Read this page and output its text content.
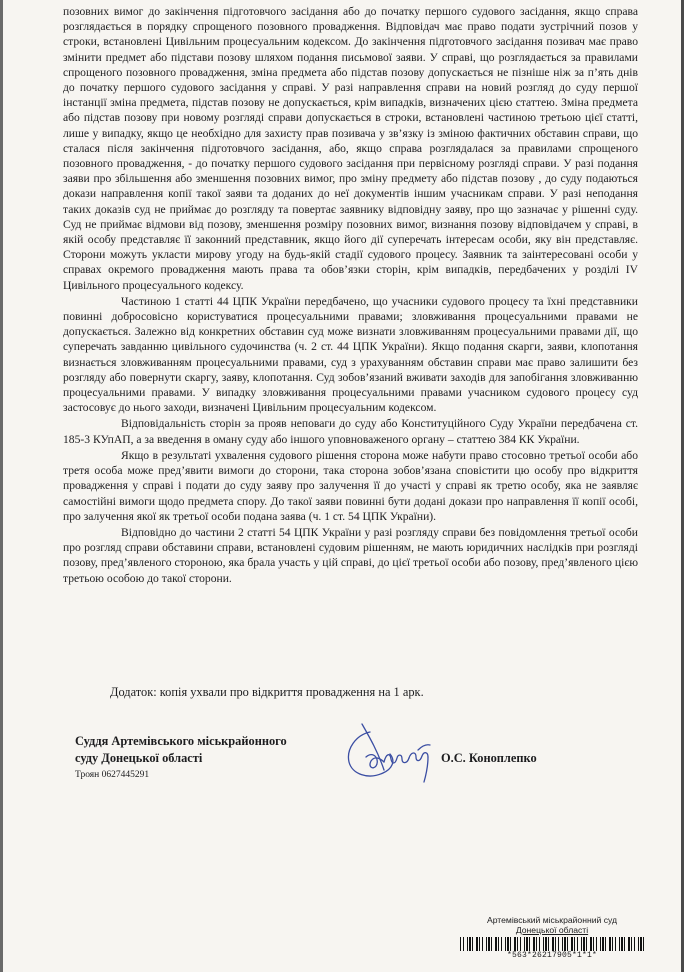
позовних вимог до закінчення підготовчого засідання або до початку першого судового засідання, якщо справа розглядається в порядку спрощеного позовного провадження. Відповідач має право подати зустрічний позов у строки, встановлені Цивільним процесуальним кодексом. До закінчення підготовчого засідання позивач має право змінити предмет або підстави позову шляхом подання письмової заяви. У справі, що розглядається за правилами спрощеного позовного провадження, зміна предмета або підстав позову допускається не пізніше ніж за п’ять днів до початку першого судового засідання у справі. У разі направлення справи на новий розгляд до суду першої інстанції зміна предмета, підстав позову не допускається, крім випадків, визначених цією статтею. Зміна предмета або підстав позову при новому розгляді справи допускається в строки, встановлені частиною третьою цієї статті, лише у випадку, якщо це необхідно для захисту прав позивача у зв’язку із зміною фактичних обставин справи, що сталася після закінчення підготовчого засідання, або, якщо справа розглядалася за правилами спрощеного позовного провадження, - до початку першого судового засідання при первісному розгляді справи. У разі подання заяви про збільшення або зменшення позовних вимог, про зміну предмету або підстав позову , до суду подаються докази направлення копії такої заяви та доданих до неї документів іншим учасникам справи. У разі неподання таких доказів суд не приймає до розгляду та повертає заявнику відповідну заяву, про що зазначає у рішенні суду. Суд не приймає відмови від позову, зменшення розміру позовних вимог, визнання позову відповідачем у справі, в якій особу представляє її законний представник, якщо його дії суперечать інтересам особи, яку він представляє. Сторони можуть укласти мирову угоду на будь-якій стадії судового процесу. Заявник та заінтересовані особи у справах окремого провадження мають права та обов’язки сторін, крім випадків, передбачених у розділі IV Цивільного процесуального кодексу.

Частиною 1 статті 44 ЦПК України передбачено, що учасники судового процесу та їхні представники повинні добросовісно користуватися процесуальними правами; зловживання процесуальними правами не допускається. Залежно від конкретних обставин суд може визнати зловживанням процесуальними правами дії, що суперечать завданню цивільного судочинства (ч. 2 ст. 44 ЦПК України). Якщо подання скарги, заяви, клопотання визнається зловживанням процесуальними правами, суд з урахуванням обставин справи має право залишити без розгляду або повернути скаргу, заяву, клопотання. Суд зобов’язаний вживати заходів для запобігання зловживанню процесуальними правами. У випадку зловживання процесуальними правами учасником судового процесу суд застосовує до нього заходи, визначені Цивільним процесуальним кодексом.

Відповідальність сторін за прояв неповаги до суду або Конституційного Суду України передбачена ст. 185-3 КУпАП, а за введення в оману суду або іншого уповноваженого органу – статтею 384 КК України.

Якщо в результаті ухвалення судового рішення сторона може набути право стосовно третьої особи або третя особа може пред’явити вимоги до сторони, така сторона зобов’язана сповістити цю особу про відкриття провадження у справі і подати до суду заяву про залучення її до участі у справі як третю особу, яка не заявляє самостійні вимоги щодо предмета спору. До такої заяви повинні бути додані докази про направлення її копії особі, про залучення якої як третьої особи подана заява (ч. 1 ст. 54 ЦПК України).

Відповідно до частини 2 статті 54 ЦПК України у разі розгляду справи без повідомлення третьої особи про розгляд справи обставини справи, встановлені судовим рішенням, не мають юридичних наслідків при розгляді позову, пред’явленого стороною, яка брала участь у цій справі, до цієї третьої особи або позову, пред’явленого цією третьою особою до такої сторони.

Додаток: копія ухвали про відкриття провадження на 1 арк.

Суддя Артемівського міськрайонного

суду Донецької області

Троян 0627445291
О.С. Коноплепко
Артемівський міськрайонний суд
Донецької області
*563*26217905*1*1*
